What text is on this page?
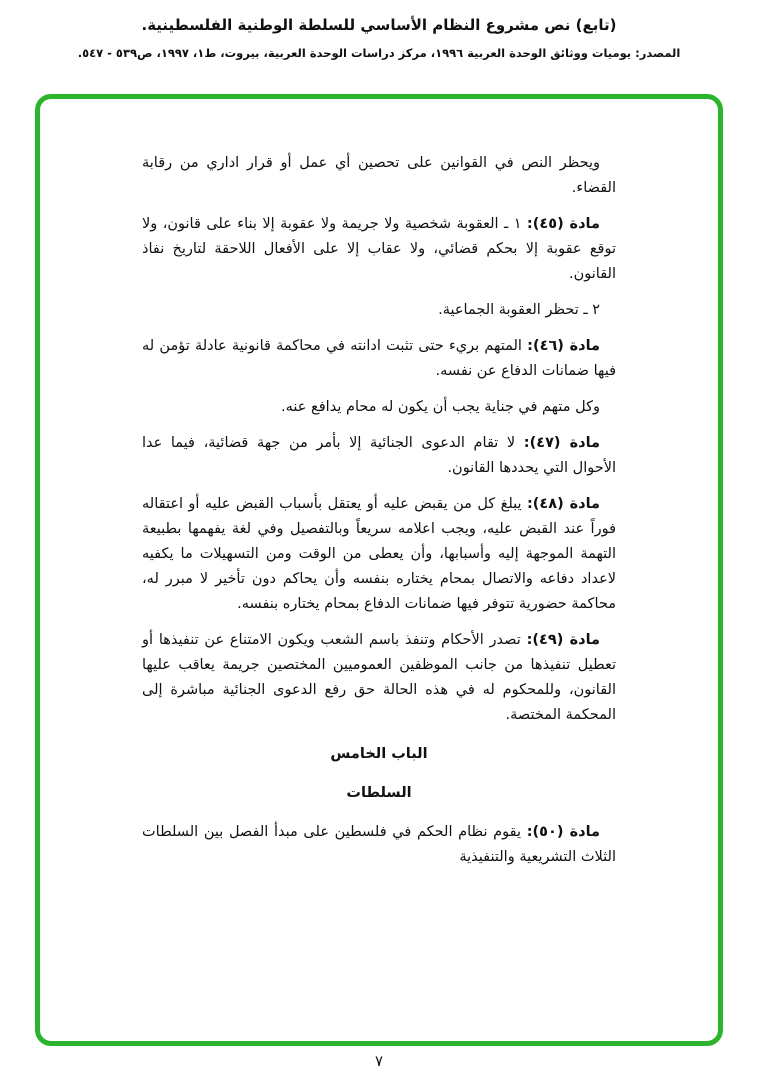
(تابع) نص مشروع النظام الأساسي للسلطة الوطنية الفلسطينية.
المصدر: يوميات ووثائق الوحدة العربية ١٩٩٦، مركز دراسات الوحدة العربية، بيروت، ط١، ١٩٩٧، ص٥٣٩ - ٥٤٧.

ويحظر النص في القوانين على تحصين أي عمل أو قرار اداري من رقابة القضاء.

مادة (٤٥): ١ ـ العقوبة شخصية ولا جريمة ولا عقوبة إلا بناء على قانون، ولا توقع عقوبة إلا بحكم قضائي، ولا عقاب إلا على الأفعال اللاحقة لتاريخ نفاذ القانون.

٢ ـ تحظر العقوبة الجماعية.

مادة (٤٦): المتهم بريء حتى تثبت ادانته في محاكمة قانونية عادلة تؤمن له فيها ضمانات الدفاع عن نفسه.

وكل متهم في جناية يجب أن يكون له محام يدافع عنه.

مادة (٤٧): لا تقام الدعوى الجنائية إلا بأمر من جهة قضائية، فيما عدا الأحوال التي يحددها القانون.

مادة (٤٨): يبلغ كل من يقبض عليه أو يعتقل بأسباب القبض عليه أو اعتقاله فوراً عند القبض عليه، ويجب اعلامه سريعاً وبالتفصيل وفي لغة يفهمها بطبيعة التهمة الموجهة إليه وأسبابها، وأن يعطى من الوقت ومن التسهيلات ما يكفيه لاعداد دفاعه والاتصال بمحام يختاره بنفسه وأن يحاكم دون تأخير لا مبرر له، محاكمة حضورية تتوفر فيها ضمانات الدفاع بمحام يختاره بنفسه.

مادة (٤٩): تصدر الأحكام وتنفذ باسم الشعب ويكون الامتناع عن تنفيذها أو تعطيل تنفيذها من جانب الموظفين العموميين المختصين جريمة يعاقب عليها القانون، وللمحكوم له في هذه الحالة حق رفع الدعوى الجنائية مباشرة إلى المحكمة المختصة.

الباب الخامس

السلطات

مادة (٥٠): يقوم نظام الحكم في فلسطين على مبدأ الفصل بين السلطات الثلاث التشريعية والتنفيذية

٧
